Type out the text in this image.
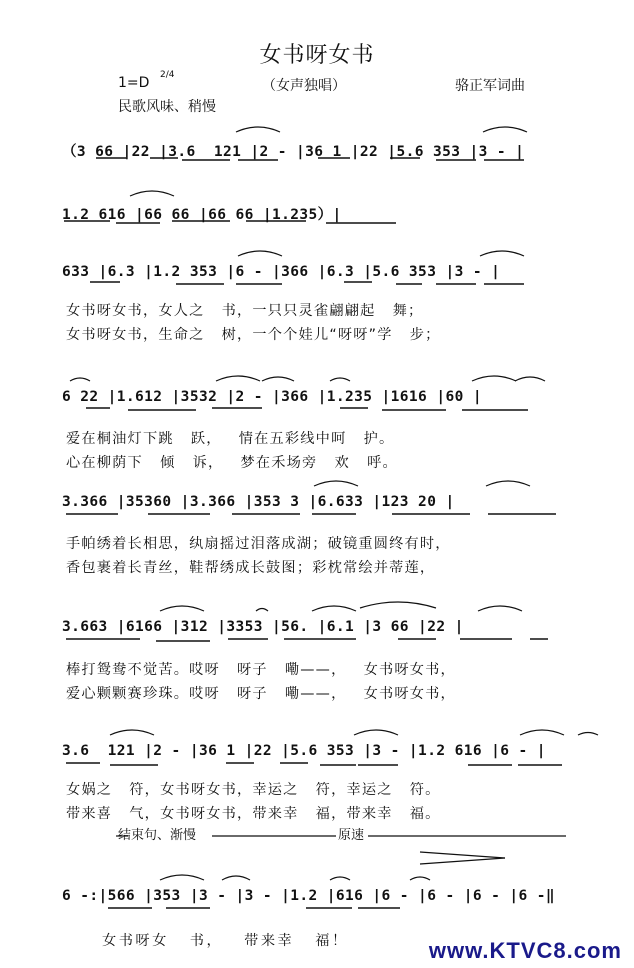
女书呀女书
1=D 2/4
（女声独唱）	骆正军词曲
民歌风味、稍慢
（3 66 |22 |3.6  121 |2 - |36 1 |22 |5.6 353 |3 - |
1.2 616 |66 66 |66 66 |1.235）|
633 |6.3 |1.2 353 |6 - |366 |6.3 |5.6 353 |3 - |
女书呀女书，女人之   书，一只只灵雀翩翩起   舞；
女书呀女书，生命之   树，一个个娃儿“呀呀”学   步；
6 22 |1.612 |3532 |2 - |366 |1.235 |1616 |60 |
爱在桐油灯下跳   跃，   情在五彩线中呵   护。
心在柳荫下   倾   诉，   梦在禾场旁   欢   呼。
3.366 |35360 |3.366 |353 3 |6.633 |123 20 |
手帕绣着长相思，纨扇摇过泪落成湖；破镜重圆终有时，
香包裹着长青丝，鞋帮绣成长鼓图；彩枕常绘并蒂莲，
3.663 |6166 |312 |3353 |56. |6.1 |3 66 |22 |
棒打鸳鸯不觉苦。哎呀   呀子   嘞——，   女书呀女书，
爱心颗颗赛珍珠。哎呀   呀子   嘞——，   女书呀女书，
3.6  121 |2 - |36 1 |22 |5.6 353 |3 - |1.2 616 |6 - |
女娲之   符，女书呀女书，幸运之   符，幸运之   符。
带来喜   气，女书呀女书，带来幸   福，带来幸   福。
结束句、渐慢	原速
6 -:|566 |353 |3 - |3 - |1.2 |616 |6 - |6 - |6 - |6 -‖
女书呀女   书，   带来幸   福！	www.KTVC8.com
